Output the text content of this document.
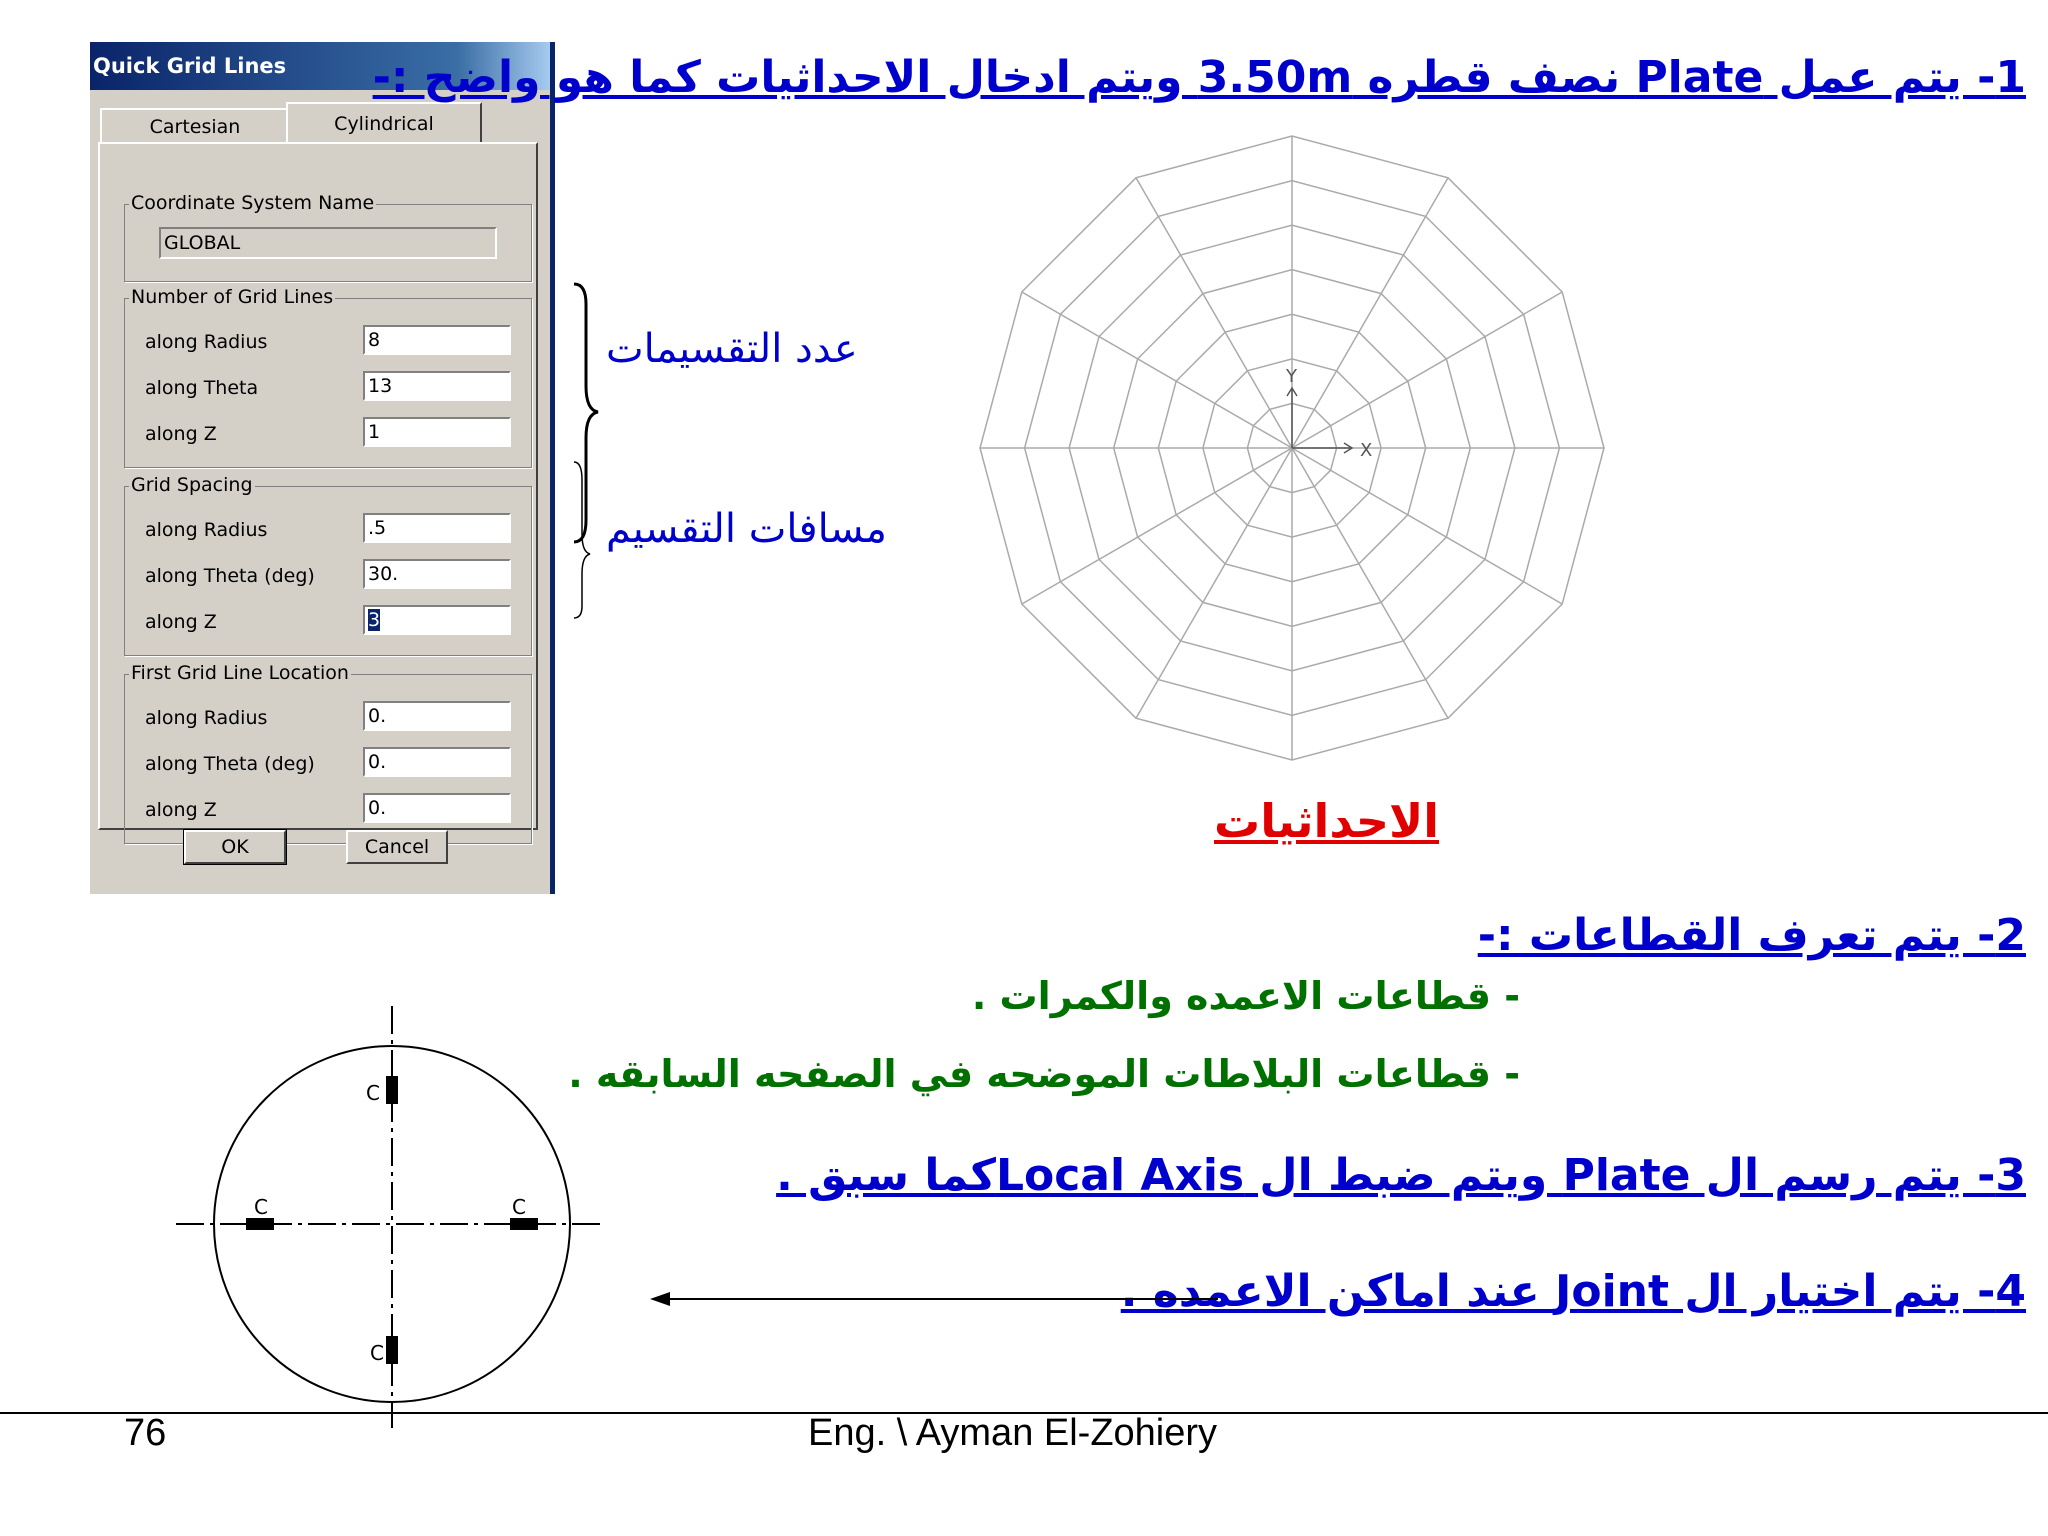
Quick Grid Lines
Cartesian	Cylindrical
Coordinate System Name
GLOBAL
Number of Grid Lines
along Radius	8
along Theta	13
along Z	1
Grid Spacing
along Radius	.5
along Theta (deg)	30.
along Z	3
First Grid Line Location
along Radius	0.
along Theta (deg)	0.
along Z	0.
OK	Cancel
عدد التقسيمات
مسافات التقسيم
X
Y
الاحداثيات
1- يتم عمل Plate نصف قطره 3.50m ويتم ادخال الاحداثيات كما هو واضح :-
2- يتم تعرف القطاعات :-
- قطاعات الاعمده والكمرات .
- قطاعات البلاطات الموضحه في الصفحه السابقه .
3- يتم رسم ال Plate ويتم ضبط ال Local Axisكما سبق .
4- يتم اختيار ال Joint عند اماكن الاعمده .
C
C	C
C
76	Eng. \ Ayman El-Zohiery
